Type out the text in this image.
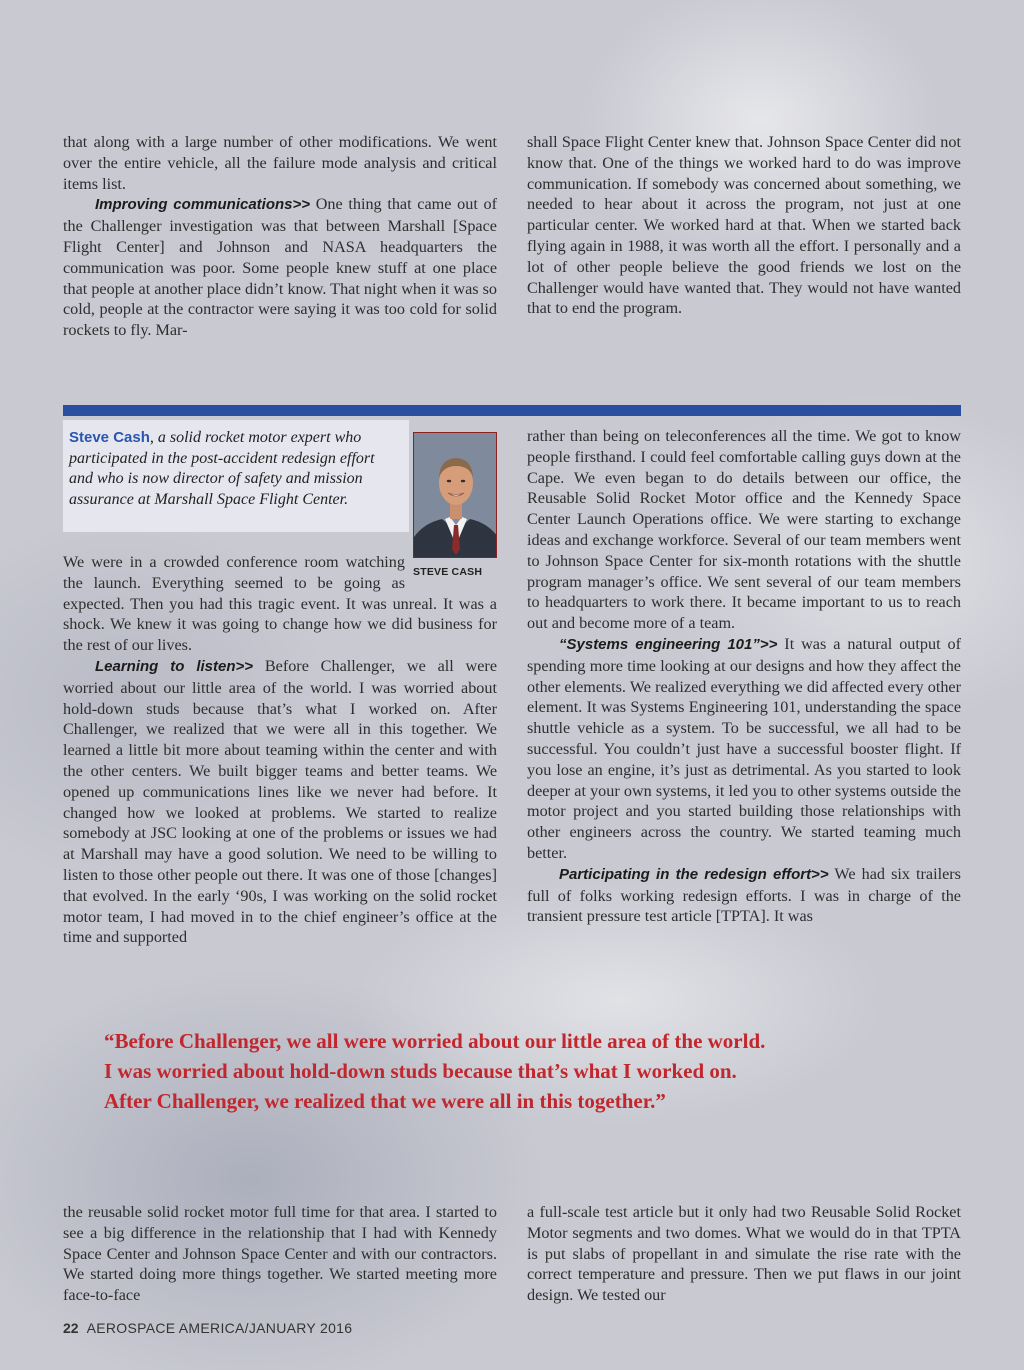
that along with a large number of other modifications. We went over the entire vehicle, all the failure mode analysis and critical items list.

Improving communications>> One thing that came out of the Challenger investigation was that between Marshall [Space Flight Center] and Johnson and NASA headquarters the communication was poor. Some people knew stuff at one place that people at another place didn’t know. That night when it was so cold, people at the contractor were saying it was too cold for solid rockets to fly. Mar-

shall Space Flight Center knew that. Johnson Space Center did not know that. One of the things we worked hard to do was improve communication. If somebody was concerned about something, we needed to hear about it across the program, not just at one particular center. We worked hard at that. When we started back flying again in 1988, it was worth all the effort. I personally and a lot of other people believe the good friends we lost on the Challenger would have wanted that. They would not have wanted that to end the program.

Steve Cash, a solid rocket motor expert who participated in the post-accident redesign effort and who is now director of safety and mission assurance at Marshall Space Flight Center.
STEVE CASH

We were in a crowded conference room watching the launch. Everything seemed to be going as expected. Then you had this tragic event. It was unreal. It was a shock. We knew it was going to change how we did business for the rest of our lives.

Learning to listen>> Before Challenger, we all were worried about our little area of the world. I was worried about hold-down studs because that’s what I worked on. After Challenger, we realized that we were all in this together. We learned a little bit more about teaming within the center and with the other centers. We built bigger teams and better teams. We opened up communications lines like we never had before. It changed how we looked at problems. We started to realize somebody at JSC looking at one of the problems or issues we had at Marshall may have a good solution. We need to be willing to listen to those other people out there. It was one of those [changes] that evolved. In the early ‘90s, I was working on the solid rocket motor team, I had moved in to the chief engineer’s office at the time and supported

rather than being on teleconferences all the time. We got to know people firsthand. I could feel comfortable calling guys down at the Cape. We even began to do details between our office, the Reusable Solid Rocket Motor office and the Kennedy Space Center Launch Operations office. We were starting to exchange ideas and exchange workforce. Several of our team members went to Johnson Space Center for six-month rotations with the shuttle program manager’s office. We sent several of our team members to headquarters to work there. It became important to us to reach out and become more of a team.

“Systems engineering 101”>> It was a natural output of spending more time looking at our designs and how they affect the other elements. We realized everything we did affected every other element. It was Systems Engineering 101, understanding the space shuttle vehicle as a system. To be successful, we all had to be successful. You couldn’t just have a successful booster flight. If you lose an engine, it’s just as detrimental. As you started to look deeper at your own systems, it led you to other systems outside the motor project and you started building those relationships with other engineers across the country. We started teaming much better.

Participating in the redesign effort>> We had six trailers full of folks working redesign efforts. I was in charge of the transient pressure test article [TPTA]. It was

“Before Challenger, we all were worried about our little area of the world.
I was worried about hold-down studs because that’s what I worked on.
After Challenger, we realized that we were all in this together.”

the reusable solid rocket motor full time for that area. I started to see a big difference in the relationship that I had with Kennedy Space Center and Johnson Space Center and with our contractors. We started doing more things together. We started meeting more face-to-face

a full-scale test article but it only had two Reusable Solid Rocket Motor segments and two domes. What we would do in that TPTA is put slabs of propellant in and simulate the rise rate with the correct temperature and pressure. Then we put flaws in our joint design. We tested our

22 AEROSPACE AMERICA/JANUARY 2016
